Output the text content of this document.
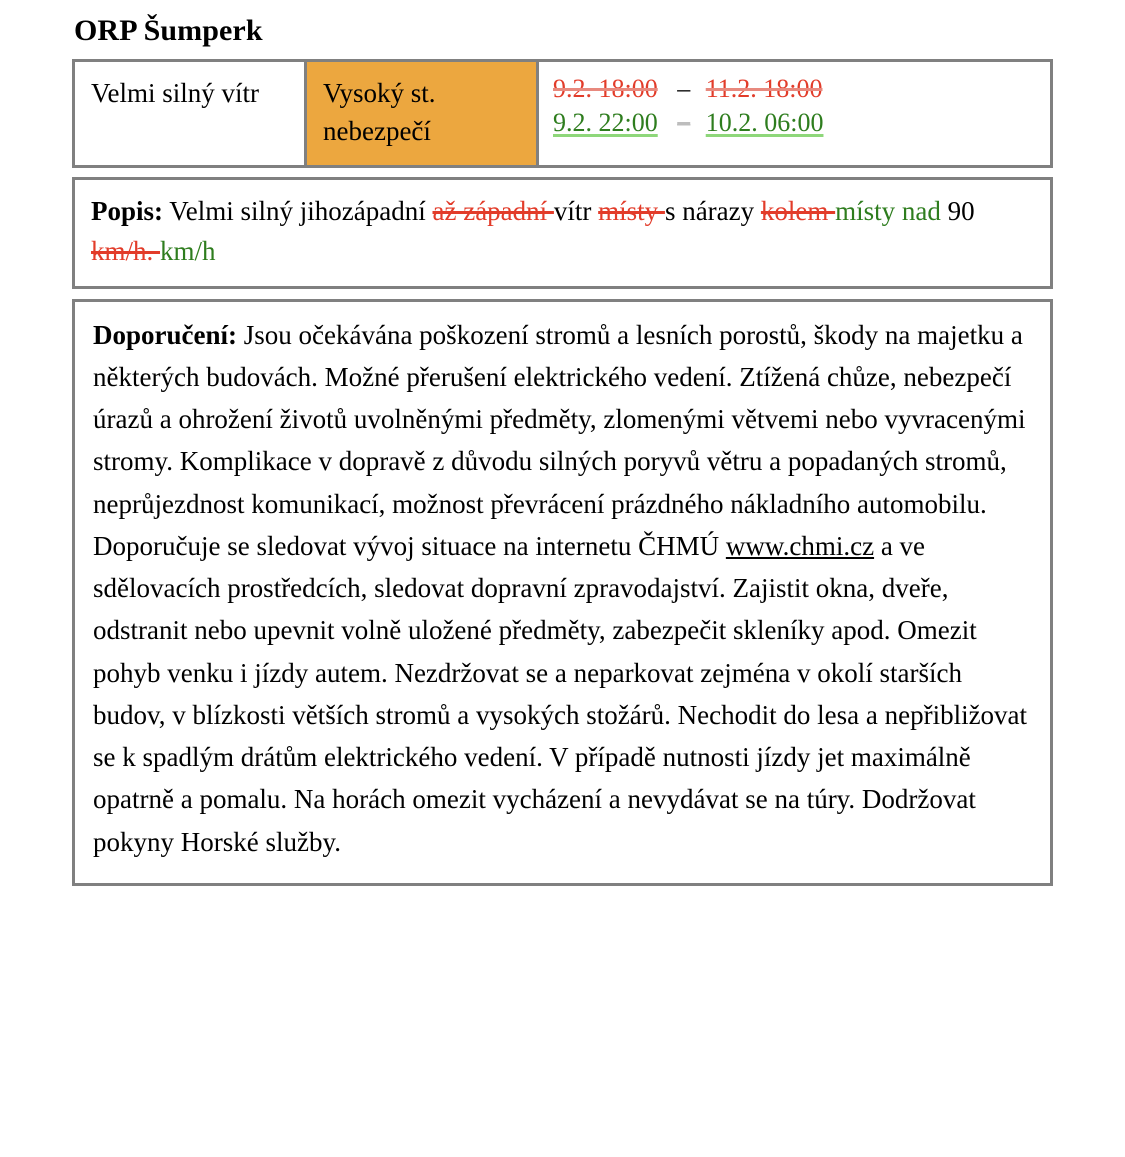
ORP Šumperk
Velmi silný vítr	Vysoký st. nebezpečí	
9.2. 18:00 – 11.2. 18:00
9.2. 22:00 – 10.2. 06:00
Popis: Velmi silný jihozápadní až západní vítr místy s nárazy kolem místy nad 90 km/h. km/h
Doporučení: Jsou očekávána poškození stromů a lesních porostů, škody na majetku a některých budovách. Možné přerušení elektrického vedení. Ztížená chůze, nebezpečí úrazů a ohrožení životů uvolněnými předměty, zlomenými větvemi nebo vyvracenými stromy. Komplikace v dopravě z důvodu silných poryvů větru a popadaných stromů, neprůjezdnost komunikací, možnost převrácení prázdného nákladního automobilu. Doporučuje se sledovat vývoj situace na internetu ČHMÚ www.chmi.cz a ve sdělovacích prostředcích, sledovat dopravní zpravodajství. Zajistit okna, dveře, odstranit nebo upevnit volně uložené předměty, zabezpečit skleníky apod. Omezit pohyb venku i jízdy autem. Nezdržovat se a neparkovat zejména v okolí starších budov, v blízkosti větších stromů a vysokých stožárů. Nechodit do lesa a nepřibližovat se k spadlým drátům elektrického vedení. V případě nutnosti jízdy jet maximálně opatrně a pomalu. Na horách omezit vycházení a nevydávat se na túry. Dodržovat pokyny Horské služby.
